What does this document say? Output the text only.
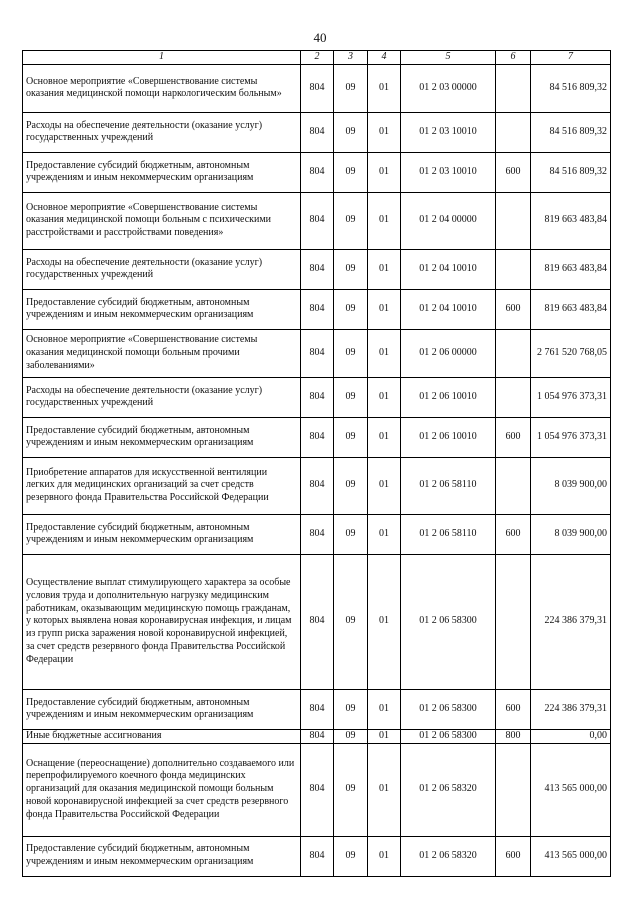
40
1	2	3	4	5	6	7
Основное мероприятие «Совершенствование системы оказания медицинской помощи наркологическим больным»	804	09	01	01 2 03 00000		84 516 809,32
Расходы на обеспечение деятельности (оказание услуг) государственных учреждений	804	09	01	01 2 03 10010		84 516 809,32
Предоставление субсидий бюджетным, автономным учреждениям и иным некоммерческим организациям	804	09	01	01 2 03 10010	600	84 516 809,32
Основное мероприятие «Совершенствование системы оказания медицинской помощи больным с психическими расстройствами и расстройствами поведения»	804	09	01	01 2 04 00000		819 663 483,84
Расходы на обеспечение деятельности (оказание услуг) государственных учреждений	804	09	01	01 2 04 10010		819 663 483,84
Предоставление субсидий бюджетным, автономным учреждениям и иным некоммерческим организациям	804	09	01	01 2 04 10010	600	819 663 483,84
Основное мероприятие «Совершенствование системы оказания медицинской помощи больным прочими заболеваниями»	804	09	01	01 2 06 00000		2 761 520 768,05
Расходы на обеспечение деятельности (оказание услуг) государственных учреждений	804	09	01	01 2 06 10010		1 054 976 373,31
Предоставление субсидий бюджетным, автономным учреждениям и иным некоммерческим организациям	804	09	01	01 2 06 10010	600	1 054 976 373,31
Приобретение аппаратов для искусственной вентиляции легких для медицинских организаций за счет средств резервного фонда Правительства Российской Федерации	804	09	01	01 2 06 58110		8 039 900,00
Предоставление субсидий бюджетным, автономным учреждениям и иным некоммерческим организациям	804	09	01	01 2 06 58110	600	8 039 900,00
Осуществление выплат стимулирующего характера за особые условия труда и дополнительную нагрузку медицинским работникам, оказывающим медицинскую помощь гражданам, у которых выявлена новая коронавирусная инфекция, и лицам из групп риска заражения новой коронавирусной инфекцией, за счет средств резервного фонда Правительства Российской Федерации	804	09	01	01 2 06 58300		224 386 379,31
Предоставление субсидий бюджетным, автономным учреждениям и иным некоммерческим организациям	804	09	01	01 2 06 58300	600	224 386 379,31
Иные бюджетные ассигнования	804	09	01	01 2 06 58300	800	0,00
Оснащение (переоснащение) дополнительно создаваемого или перепрофилируемого коечного фонда медицинских организаций для оказания медицинской помощи больным новой коронавирусной инфекцией за счет средств резервного фонда Правительства Российской Федерации	804	09	01	01 2 06 58320		413 565 000,00
Предоставление субсидий бюджетным, автономным учреждениям и иным некоммерческим организациям	804	09	01	01 2 06 58320	600	413 565 000,00
